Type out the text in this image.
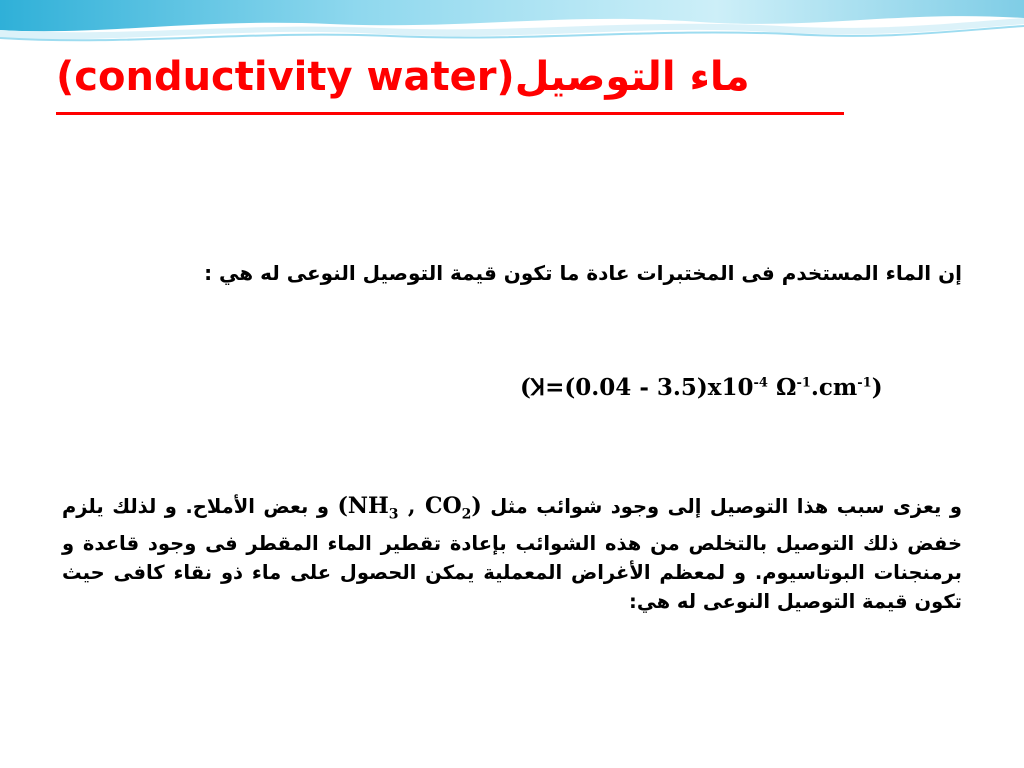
(conductivity water)ماء التوصيل

إن الماء المستخدم فى المختبرات عادة ما تكون قيمة التوصيل النوعى له هي :

(Ʞ=(0.04 - $3.5)x10^{-4}$ $\Omega^{-1}.cm^{-1}$)

و يعزى سبب هذا التوصيل إلى وجود شوائب مثل ($NH_3$ , $CO_2$) و بعض الأملاح. و لذلك يلزم خفض ذلك التوصيل بالتخلص من هذه الشوائب بإعادة تقطير الماء المقطر فى وجود قاعدة و برمنجنات البوتاسيوم. و لمعظم الأغراض المعملية يمكن الحصول على ماء ذو نقاء كافى حيث تكون قيمة التوصيل النوعى له هي:
